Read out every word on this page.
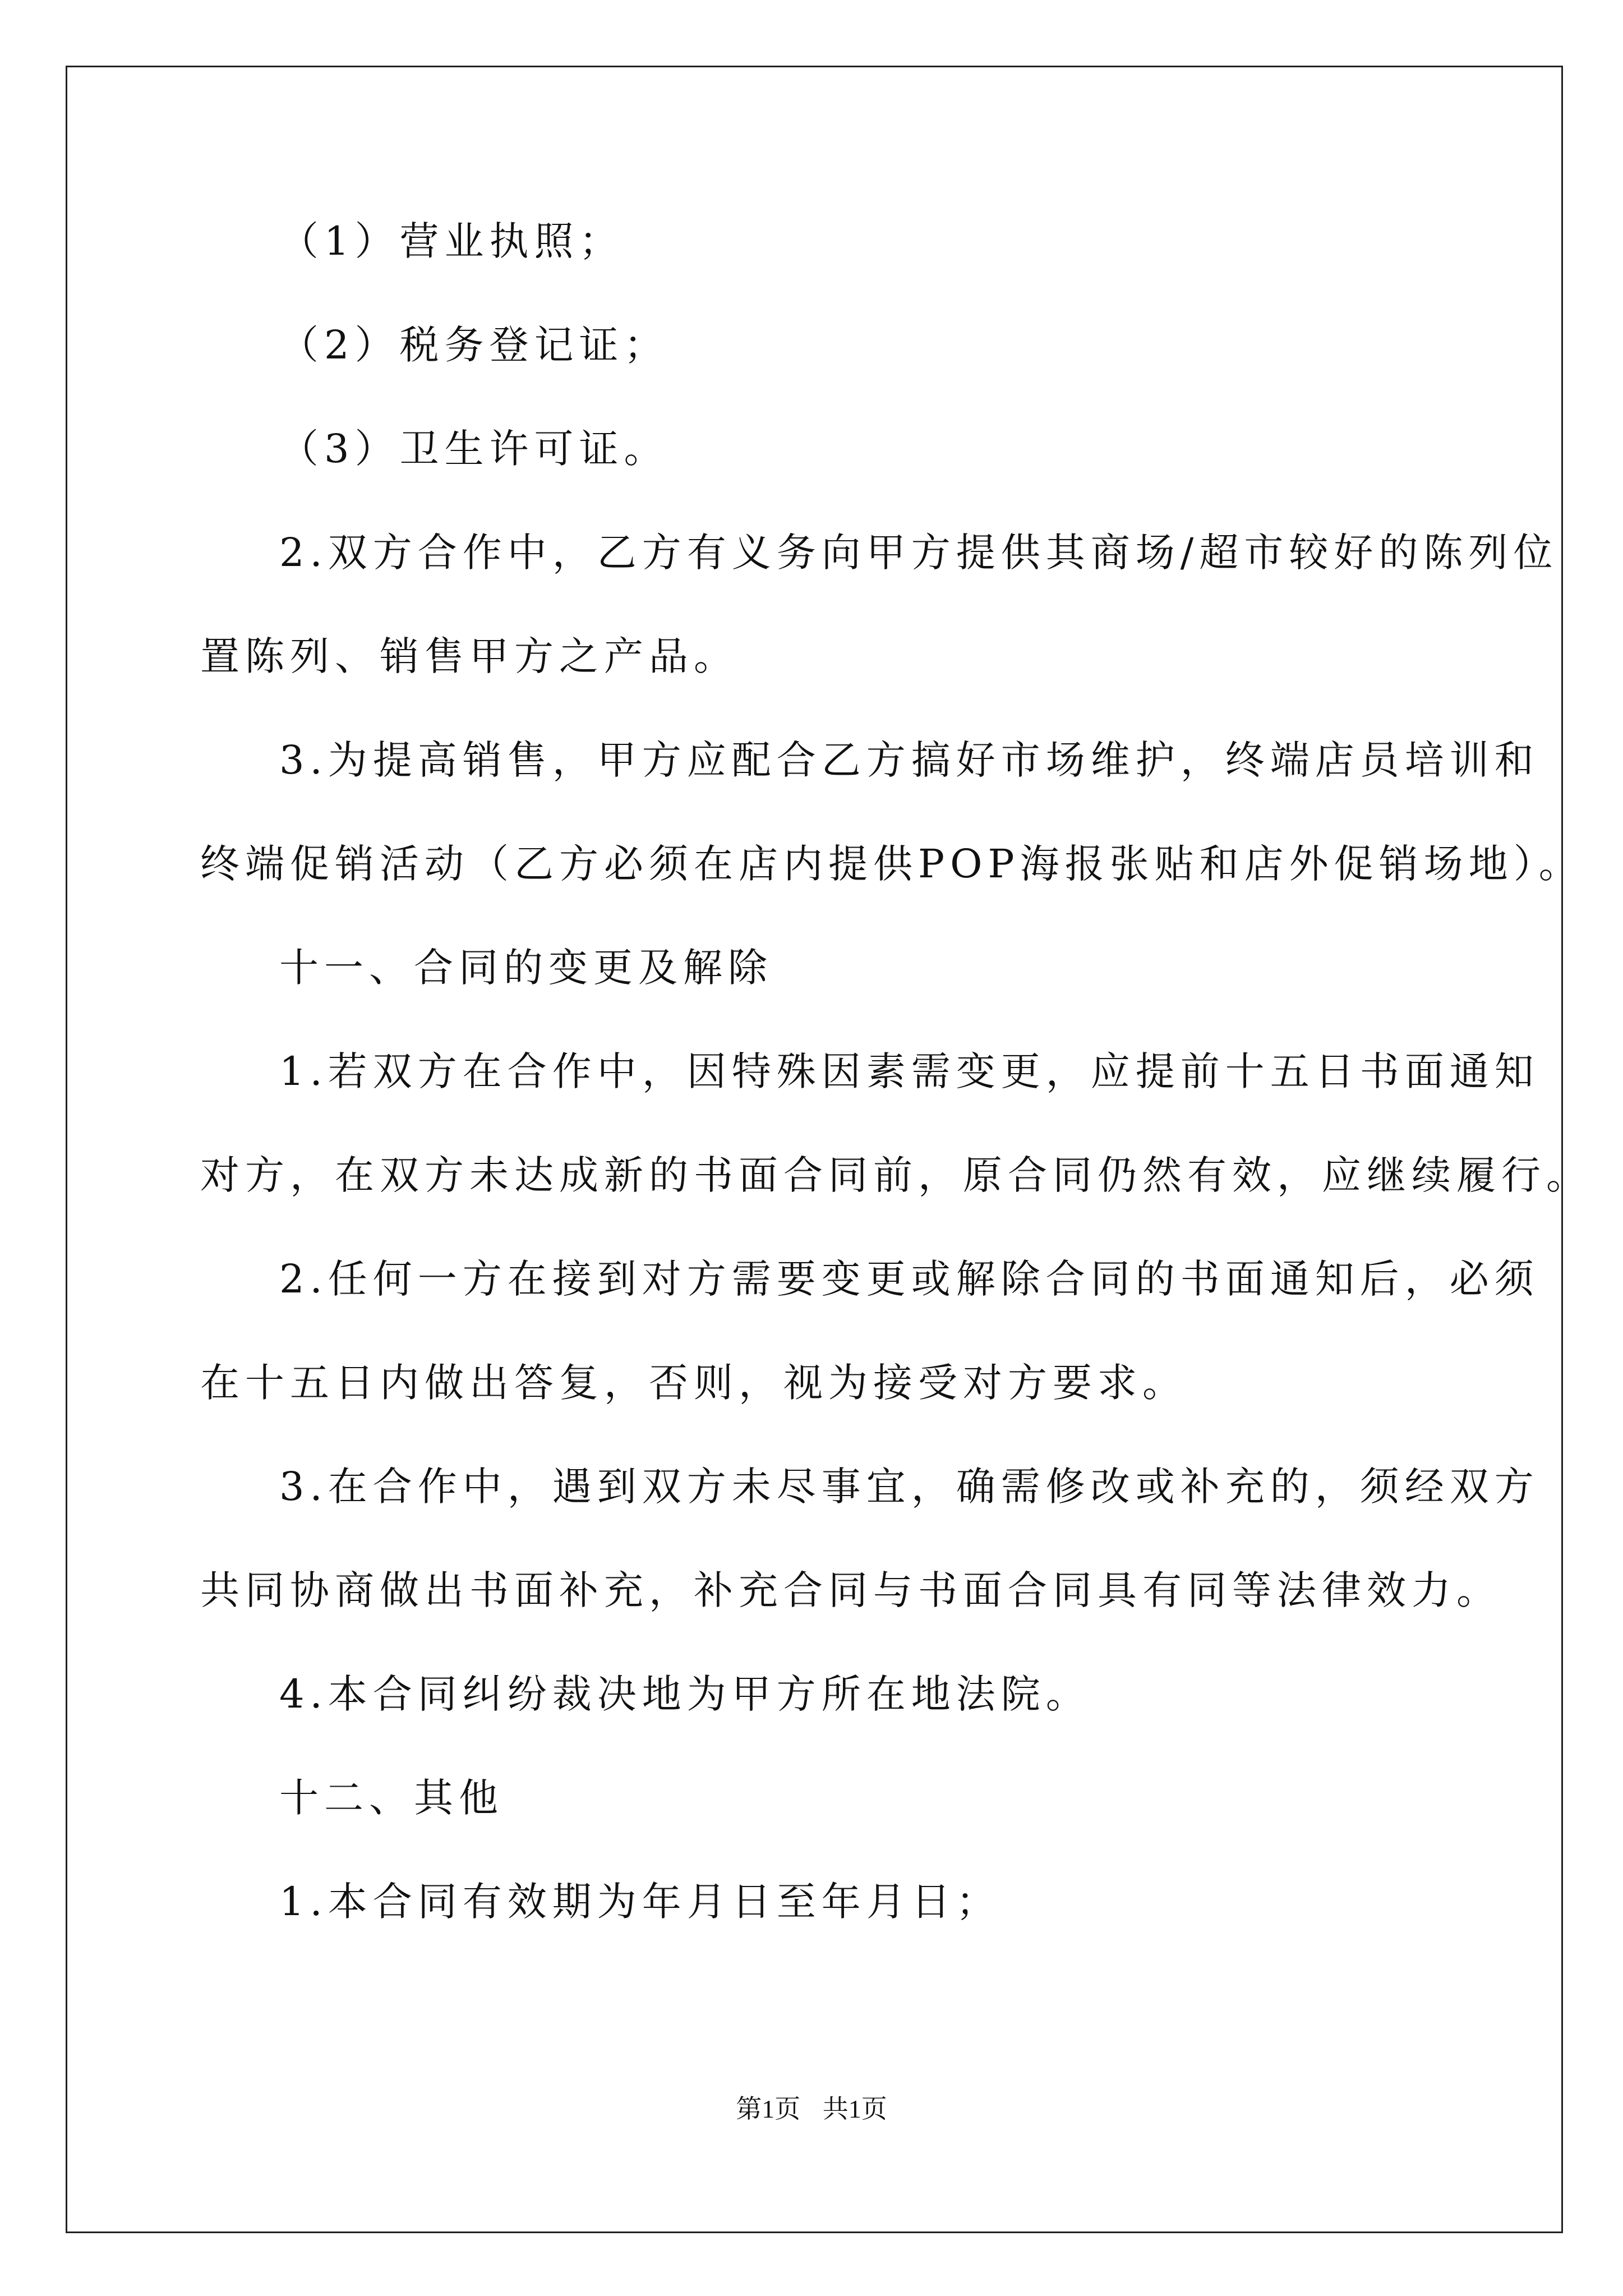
（1）营业执照；
（2）税务登记证；
（3）卫生许可证。
2.双方合作中，乙方有义务向甲方提供其商场/超市较好的陈列位
置陈列、销售甲方之产品。
3.为提高销售，甲方应配合乙方搞好市场维护，终端店员培训和
终端促销活动（乙方必须在店内提供POP海报张贴和店外促销场地）。
十一、合同的变更及解除
1.若双方在合作中，因特殊因素需变更，应提前十五日书面通知
对方，在双方未达成新的书面合同前，原合同仍然有效，应继续履行。
2.任何一方在接到对方需要变更或解除合同的书面通知后，必须
在十五日内做出答复，否则，视为接受对方要求。
3.在合作中，遇到双方未尽事宜，确需修改或补充的，须经双方
共同协商做出书面补充，补充合同与书面合同具有同等法律效力。
4.本合同纠纷裁决地为甲方所在地法院。
十二、其他
1.本合同有效期为年月日至年月日；
第1页 共1页
